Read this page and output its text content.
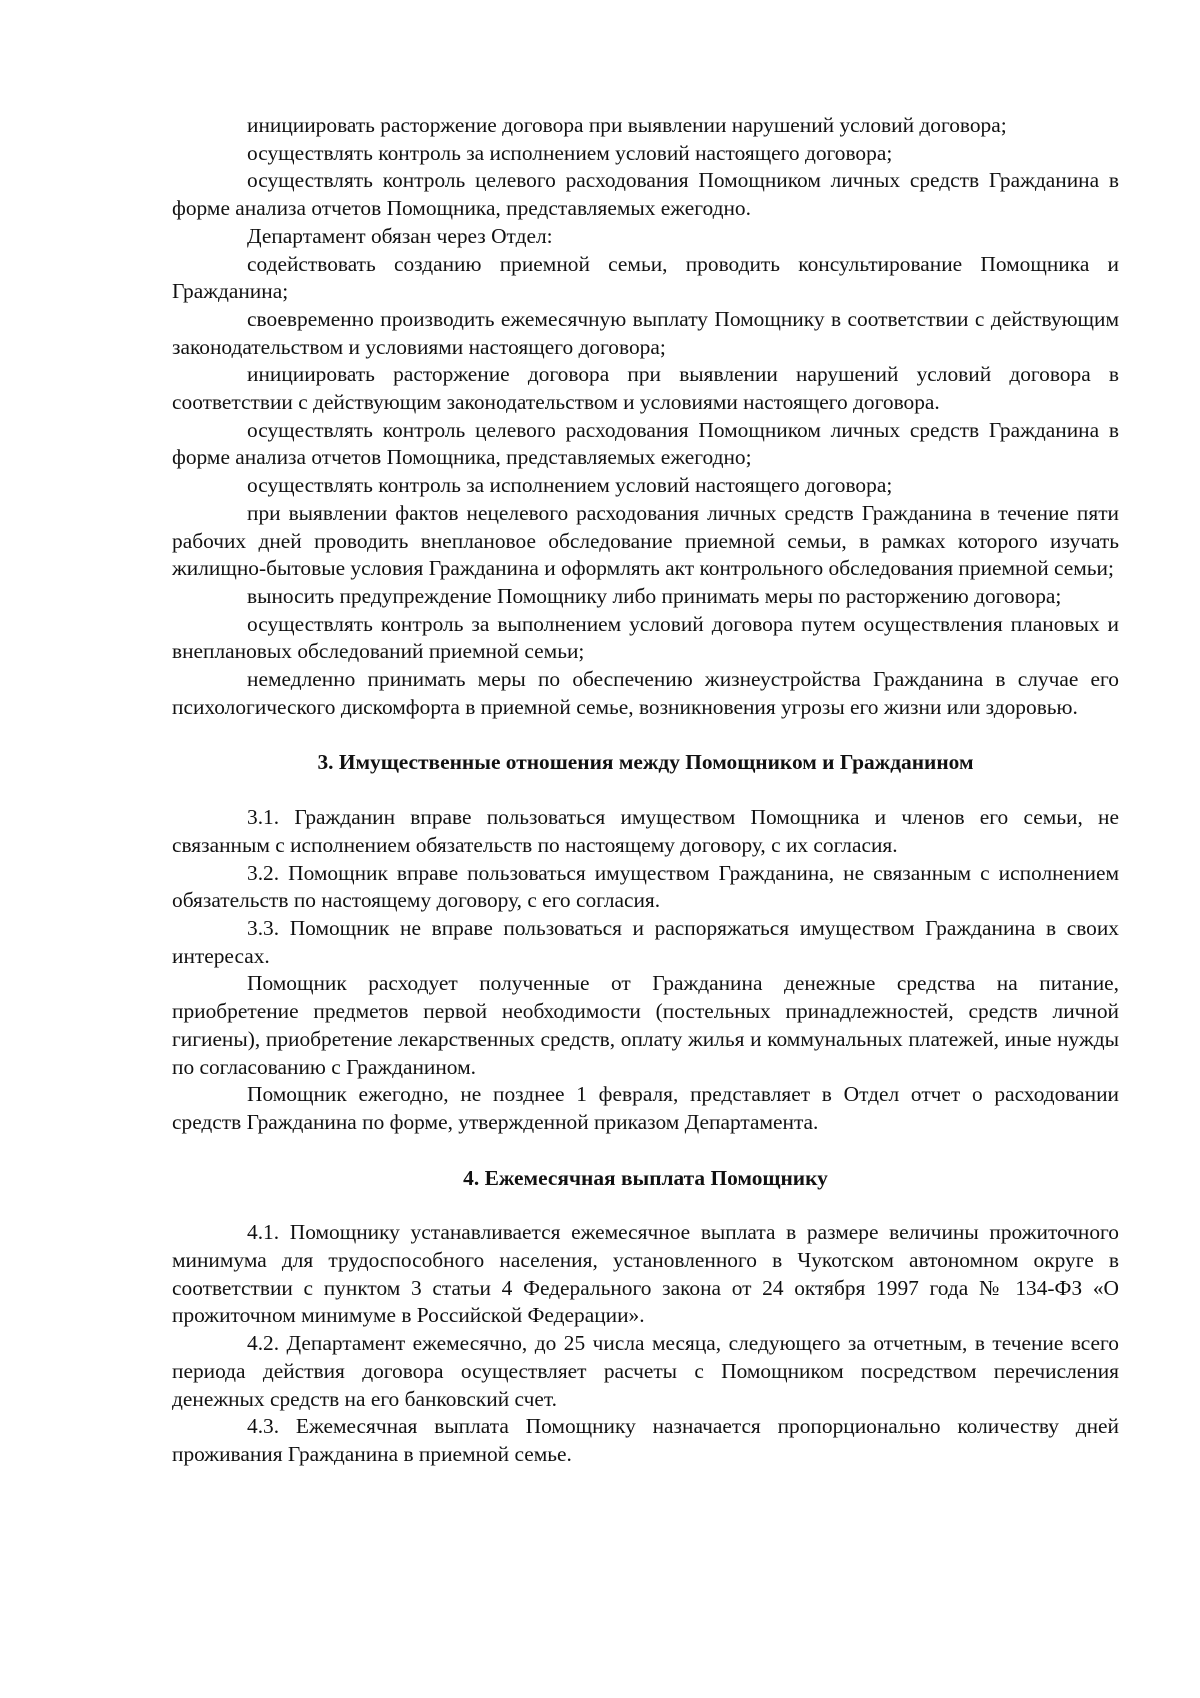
инициировать расторжение договора при выявлении нарушений условий договора;

осуществлять контроль за исполнением условий настоящего договора;

осуществлять контроль целевого расходования Помощником личных средств Гражданина в форме анализа отчетов Помощника, представляемых ежегодно.

Департамент обязан через Отдел:

содействовать созданию приемной семьи, проводить консультирование Помощника и Гражданина;

своевременно производить ежемесячную выплату Помощнику в соответствии с действующим законодательством и условиями настоящего договора;

инициировать расторжение договора при выявлении нарушений условий договора в соответствии с действующим законодательством и условиями настоящего договора.

осуществлять контроль целевого расходования Помощником личных средств Гражданина в форме анализа отчетов Помощника, представляемых ежегодно;

осуществлять контроль за исполнением условий настоящего договора;

при выявлении фактов нецелевого расходования личных средств Гражданина в течение пяти рабочих дней проводить внеплановое обследование приемной семьи, в рамках которого изучать жилищно-бытовые условия Гражданина и оформлять акт контрольного обследования приемной семьи;

выносить предупреждение Помощнику либо принимать меры по расторжению договора;

осуществлять контроль за выполнением условий договора путем осуществления плановых и внеплановых обследований приемной семьи;

немедленно принимать меры по обеспечению жизнеустройства Гражданина в случае его психологического дискомфорта в приемной семье, возникновения угрозы его жизни или здоровью.

3. Имущественные отношения между Помощником и Гражданином

3.1. Гражданин вправе пользоваться имуществом Помощника и членов его семьи, не связанным с исполнением обязательств по настоящему договору, с их согласия.

3.2. Помощник вправе пользоваться имуществом Гражданина, не связанным с исполнением обязательств по настоящему договору, с его согласия.

3.3. Помощник не вправе пользоваться и распоряжаться имуществом Гражданина в своих интересах.

Помощник расходует полученные от Гражданина денежные средства на питание, приобретение предметов первой необходимости (постельных принадлежностей, средств личной гигиены), приобретение лекарственных средств, оплату жилья и коммунальных платежей, иные нужды по согласованию с Гражданином.

Помощник ежегодно, не позднее 1 февраля, представляет в Отдел отчет о расходовании средств Гражданина по форме, утвержденной приказом Департамента.

4. Ежемесячная выплата Помощнику

4.1. Помощнику устанавливается ежемесячное выплата в размере величины прожиточного минимума для трудоспособного населения, установленного в Чукотском автономном округе в соответствии с пунктом 3 статьи 4 Федерального закона от 24 октября 1997 года № 134-ФЗ «О прожиточном минимуме в Российской Федерации».

4.2. Департамент ежемесячно, до 25 числа месяца, следующего за отчетным, в течение всего периода действия договора осуществляет расчеты с Помощником посредством перечисления денежных средств на его банковский счет.

4.3. Ежемесячная выплата Помощнику назначается пропорционально количеству дней проживания Гражданина в приемной семье.
